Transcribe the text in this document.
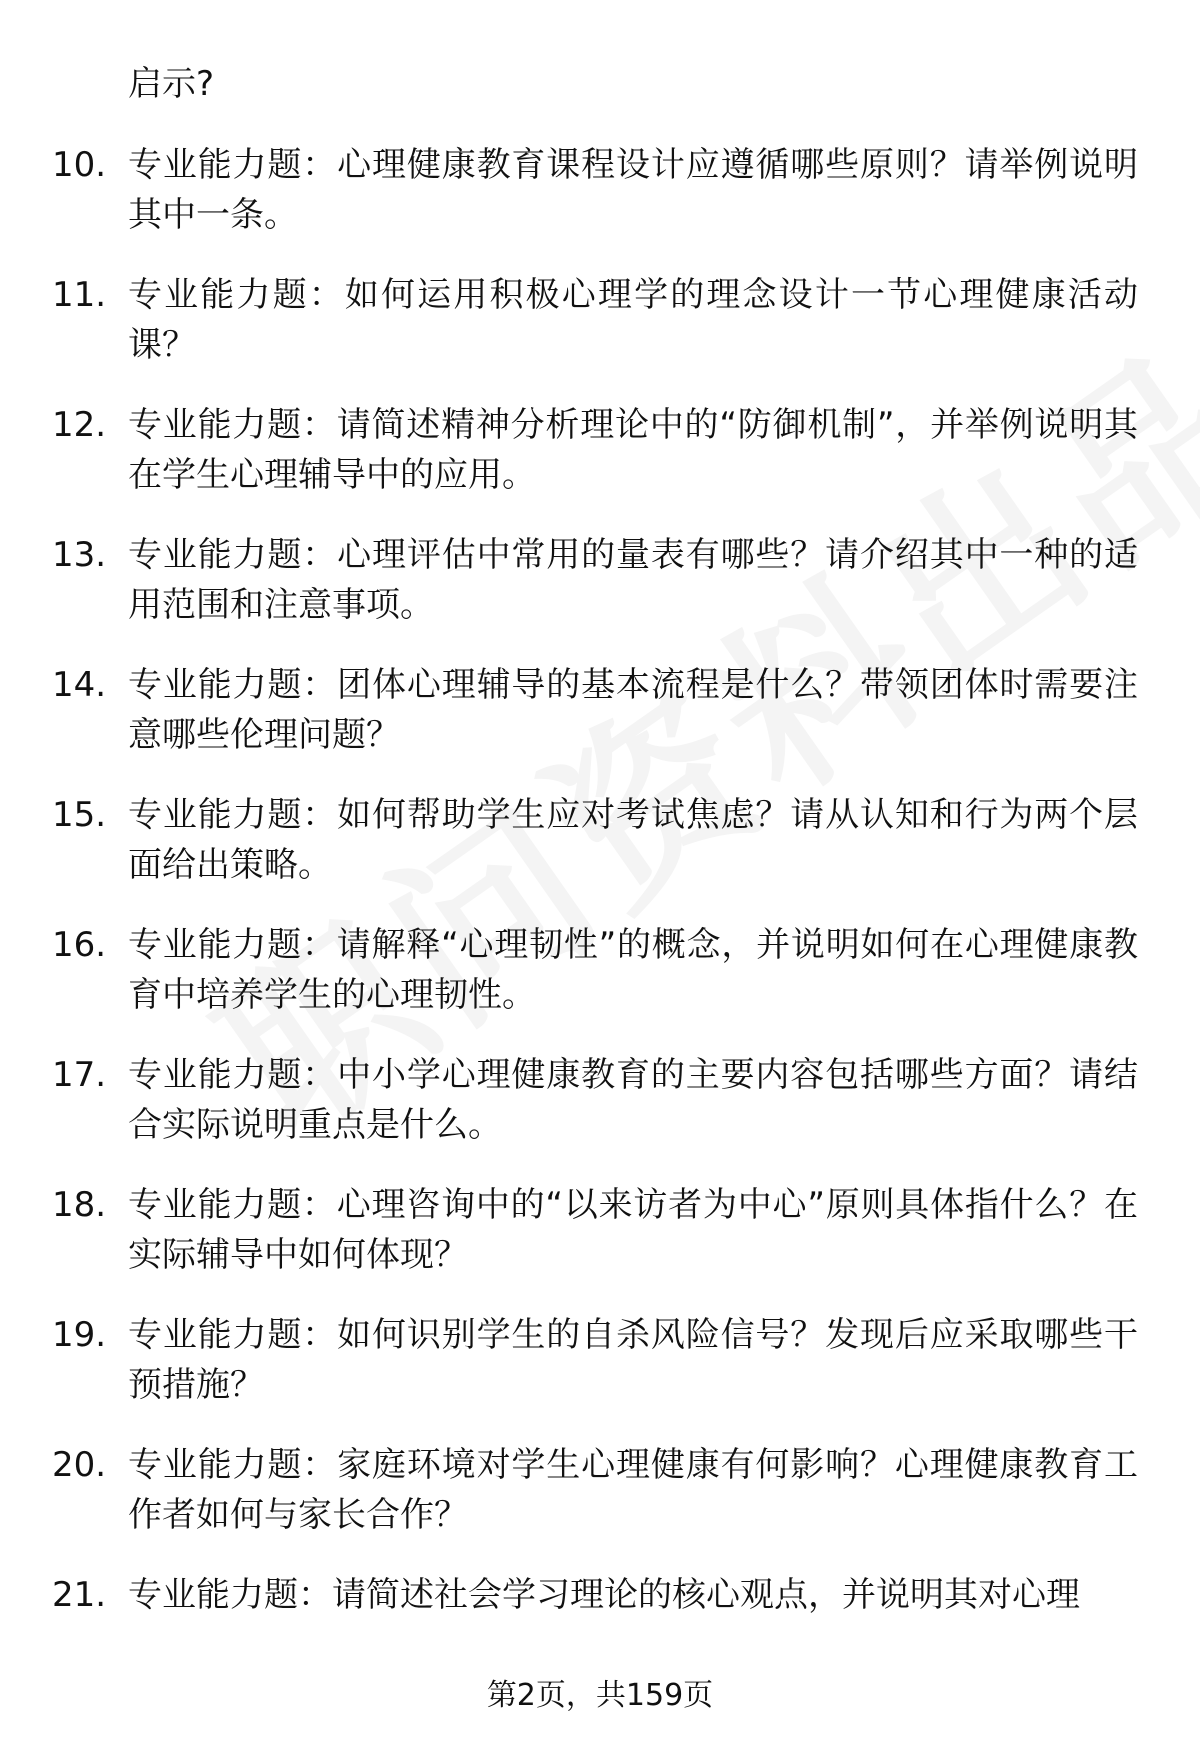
启示?
10. 专业能力题：心理健康教育课程设计应遵循哪些原则？请举例说明其中一条。
11. 专业能力题：如何运用积极心理学的理念设计一节心理健康活动课？
12. 专业能力题：请简述精神分析理论中的“防御机制”，并举例说明其在学生心理辅导中的应用。
13. 专业能力题：心理评估中常用的量表有哪些？请介绍其中一种的适用范围和注意事项。
14. 专业能力题：团体心理辅导的基本流程是什么？带领团体时需要注意哪些伦理问题？
15. 专业能力题：如何帮助学生应对考试焦虑？请从认知和行为两个层面给出策略。
16. 专业能力题：请解释“心理韧性”的概念，并说明如何在心理健康教育中培养学生的心理韧性。
17. 专业能力题：中小学心理健康教育的主要内容包括哪些方面？请结合实际说明重点是什么。
18. 专业能力题：心理咨询中的“以来访者为中心”原则具体指什么？在实际辅导中如何体现？
19. 专业能力题：如何识别学生的自杀风险信号？发现后应采取哪些干预措施？
20. 专业能力题：家庭环境对学生心理健康有何影响？心理健康教育工作者如何与家长合作？
21. 专业能力题：请简述社会学习理论的核心观点，并说明其对心理
第2页，共159页
